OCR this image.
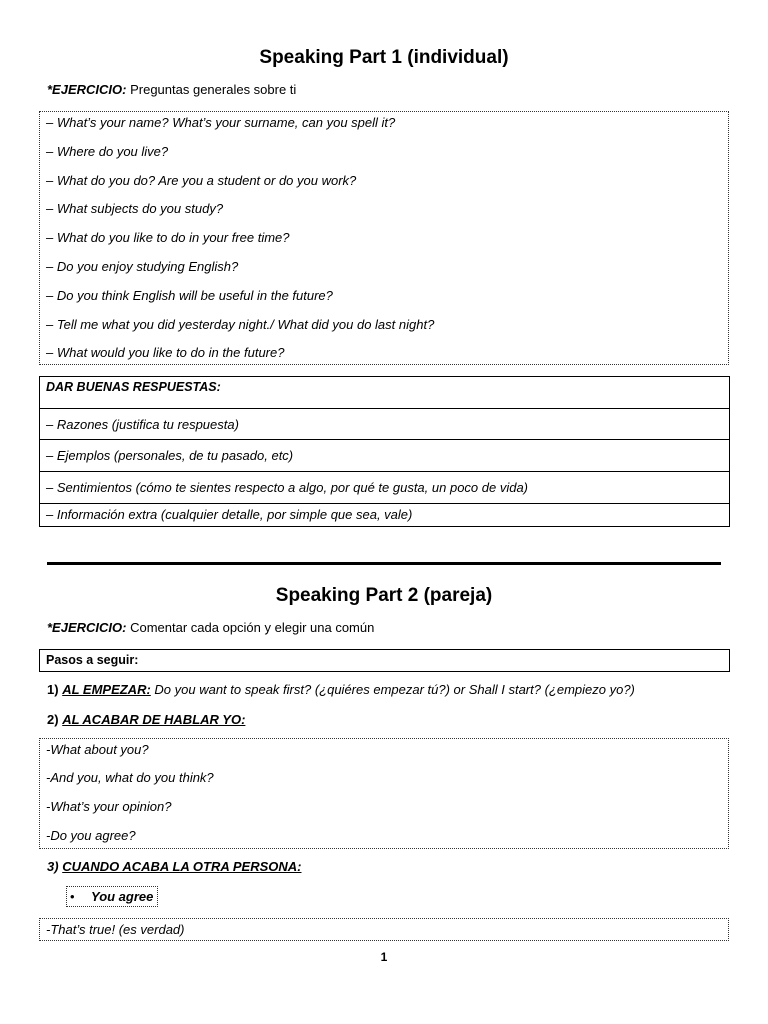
Speaking Part 1 (individual)
*EJERCICIO: Preguntas generales sobre ti
– What’s your name? What’s your surname, can you spell it?
– Where do you live?
– What do you do? Are you a student or do you work?
– What subjects do you study?
– What do you like to do in your free time?
– Do you enjoy studying English?
– Do you think English will be useful in the future?
– Tell me what you did yesterday night./ What did you do last night?
– What would you like to do in the future?
DAR BUENAS RESPUESTAS:
– Razones (justifica tu respuesta)
– Ejemplos (personales, de tu pasado, etc)
– Sentimientos (cómo te sientes respecto a algo, por qué te gusta, un poco de vida)
– Información extra (cualquier detalle, por simple que sea, vale)
Speaking Part 2 (pareja)
*EJERCICIO: Comentar cada opción y elegir una común
Pasos a seguir:
1) AL EMPEZAR: Do you want to speak first? (¿quiéres empezar tú?) or Shall I start? (¿empiezo yo?)
2) AL ACABAR DE HABLAR YO:
-What about you?
-And you, what do you think?
-What’s your opinion?
-Do you agree?
3) CUANDO ACABA LA OTRA PERSONA:
• You agree
-That’s true! (es verdad)
1
